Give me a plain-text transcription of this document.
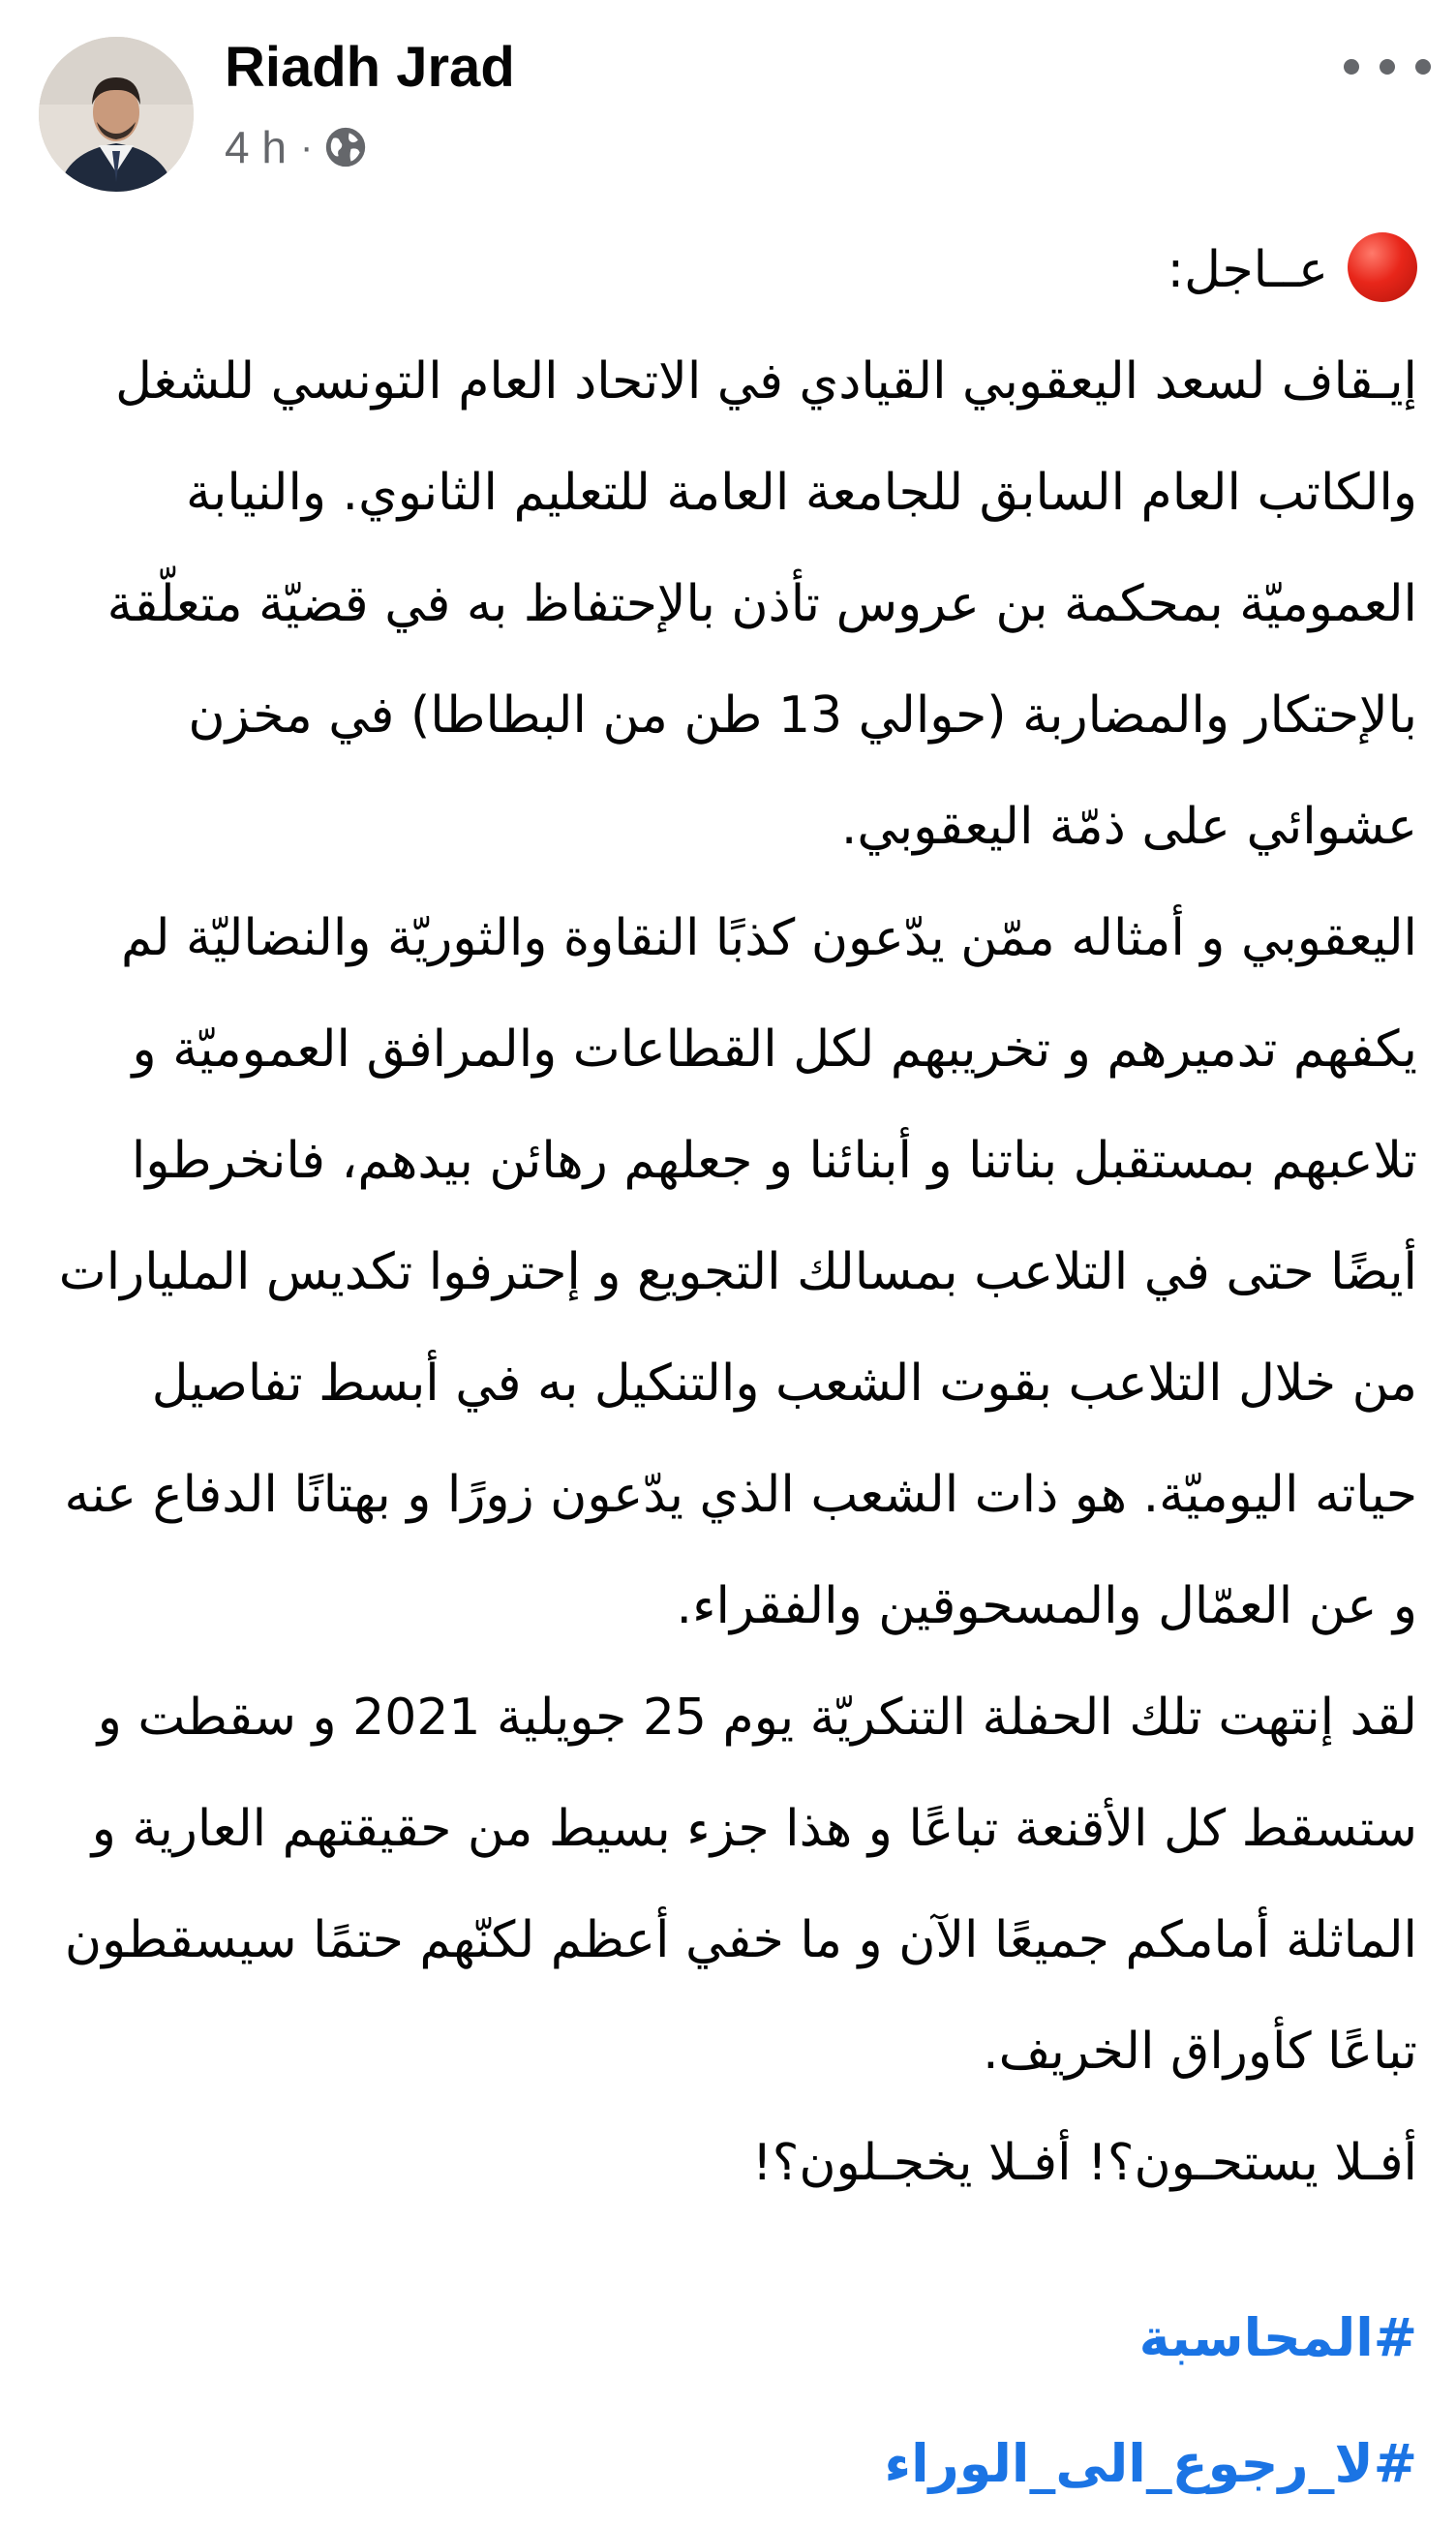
Riadh Jrad
4 h ·

عــاجل:

إيـقاف لسعد اليعقوبي القيادي في الاتحاد العام التونسي للشغل والكاتب العام السابق للجامعة العامة للتعليم الثانوي. والنيابة العموميّة بمحكمة بن عروس تأذن بالإحتفاظ به في قضيّة متعلّقة بالإحتكار والمضاربة (حوالي 13 طن من البطاطا) في مخزن عشوائي على ذمّة اليعقوبي.

اليعقوبي و أمثاله ممّن يدّعون كذبًا النقاوة والثوريّة والنضاليّة لم يكفهم تدميرهم و تخريبهم لكل القطاعات والمرافق العموميّة و تلاعبهم بمستقبل بناتنا و أبنائنا و جعلهم رهائن بيدهم، فانخرطوا أيضًا حتى في التلاعب بمسالك التجويع و إحترفوا تكديس المليارات من خلال التلاعب بقوت الشعب والتنكيل به في أبسط تفاصيل حياته اليوميّة. هو ذات الشعب الذي يدّعون زورًا و بهتانًا الدفاع عنه و عن العمّال والمسحوقين والفقراء.

لقد إنتهت تلك الحفلة التنكريّة يوم 25 جويلية 2021 و سقطت و ستسقط كل الأقنعة تباعًا و هذا جزء بسيط من حقيقتهم العارية و الماثلة أمامكم جميعًا الآن و ما خفي أعظم لكنّهم حتمًا سيسقطون تباعًا كأوراق الخريف.

أفـلا يستحـون؟! أفـلا يخجـلون؟!

#المحاسبة
#لا_رجوع_الى_الوراء
